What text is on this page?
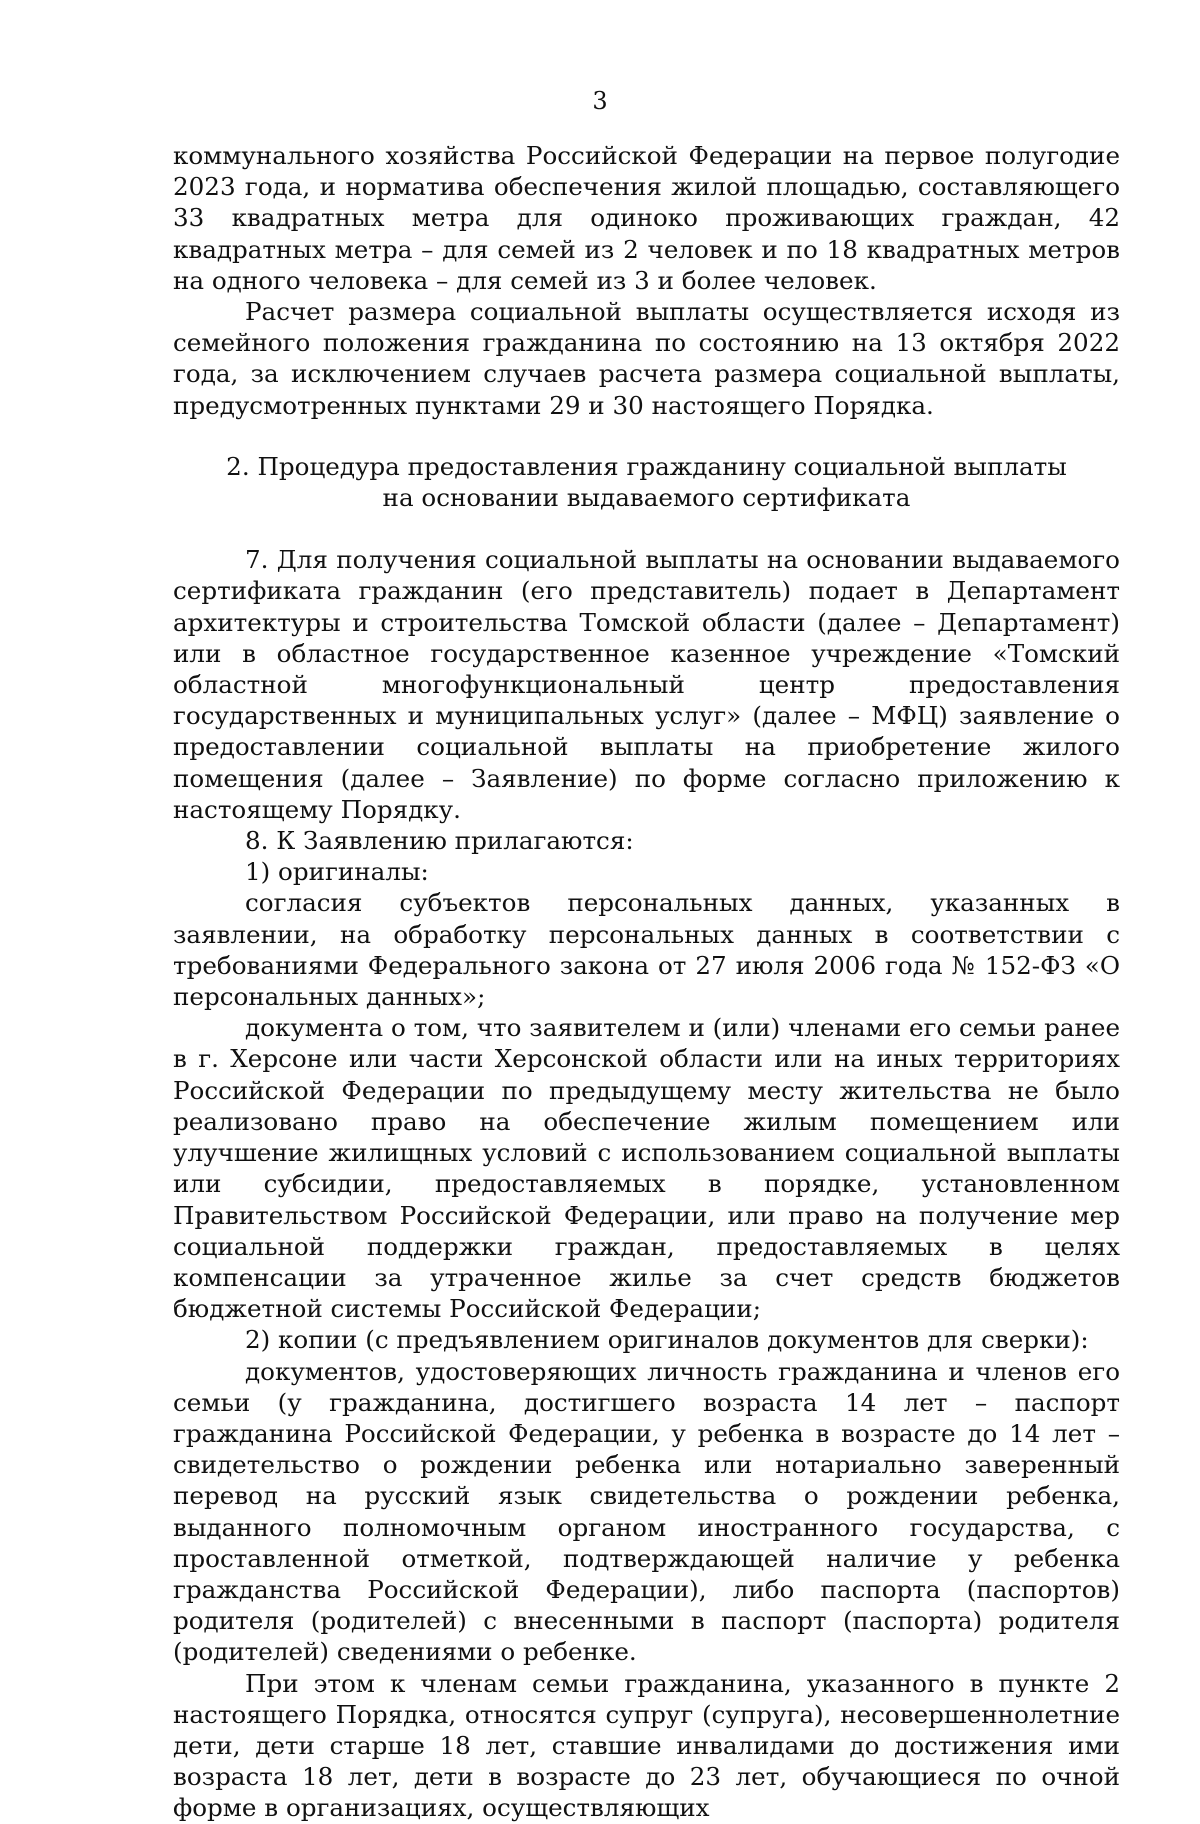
3

коммунального хозяйства Российской Федерации на первое полугодие 2023 года, и норматива обеспечения жилой площадью, составляющего 33 квадратных метра для одиноко проживающих граждан, 42 квадратных метра – для семей из 2 человек и по 18 квадратных метров на одного человека – для семей из 3 и более человек.

Расчет размера социальной выплаты осуществляется исходя из семейного положения гражданина по состоянию на 13 октября 2022 года, за исключением случаев расчета размера социальной выплаты, предусмотренных пунктами 29 и 30 настоящего Порядка.

2. Процедура предоставления гражданину социальной выплаты
на основании выдаваемого сертификата

7. Для получения социальной выплаты на основании выдаваемого сертификата гражданин (его представитель) подает в Департамент архитектуры и строительства Томской области (далее – Департамент) или в областное государственное казенное учреждение «Томский областной многофункциональный центр предоставления государственных и муниципальных услуг» (далее – МФЦ) заявление о предоставлении социальной выплаты на приобретение жилого помещения (далее – Заявление) по форме согласно приложению к настоящему Порядку.

8. К Заявлению прилагаются:

1) оригиналы:

согласия субъектов персональных данных, указанных в заявлении, на обработку персональных данных в соответствии с требованиями Федерального закона от 27 июля 2006 года № 152-ФЗ «О персональных данных»;

документа о том, что заявителем и (или) членами его семьи ранее в г. Херсоне или части Херсонской области или на иных территориях Российской Федерации по предыдущему месту жительства не было реализовано право на обеспечение жилым помещением или улучшение жилищных условий с использованием социальной выплаты или субсидии, предоставляемых в порядке, установленном Правительством Российской Федерации, или право на получение мер социальной поддержки граждан, предоставляемых в целях компенсации за утраченное жилье за счет средств бюджетов бюджетной системы Российской Федерации;

2) копии (с предъявлением оригиналов документов для сверки):

документов, удостоверяющих личность гражданина и членов его семьи (у гражданина, достигшего возраста 14 лет – паспорт гражданина Российской Федерации, у ребенка в возрасте до 14 лет – свидетельство о рождении ребенка или нотариально заверенный перевод на русский язык свидетельства о рождении ребенка, выданного полномочным органом иностранного государства, с проставленной отметкой, подтверждающей наличие у ребенка гражданства Российской Федерации), либо паспорта (паспортов) родителя (родителей) с внесенными в паспорт (паспорта) родителя (родителей) сведениями о ребенке.

При этом к членам семьи гражданина, указанного в пункте 2 настоящего Порядка, относятся супруг (супруга), несовершеннолетние дети, дети старше 18 лет, ставшие инвалидами до достижения ими возраста 18 лет, дети в возрасте до 23 лет, обучающиеся по очной форме в организациях, осуществляющих
